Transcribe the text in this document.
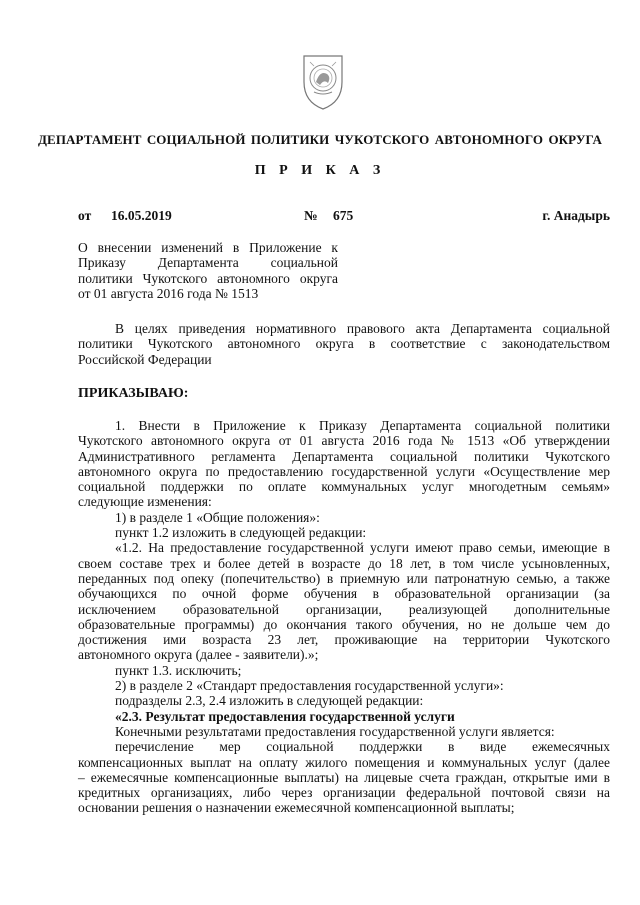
ДЕПАРТАМЕНТ СОЦИАЛЬНОЙ ПОЛИТИКИ ЧУКОТСКОГО АВТОНОМНОГО ОКРУГА
П Р И К А З
от 16.05.2019	№ 675	г. Анадырь
О внесении изменений в Приложение к
Приказу Департамента социальной
политики Чукотского автономного округа
от 01 августа 2016 года № 1513
В целях приведения нормативного правового акта Департамента социальной
политики Чукотского автономного округа в соответствие с законодательством
Российской Федерации
ПРИКАЗЫВАЮ:
1. Внести в Приложение к Приказу Департамента социальной политики
Чукотского автономного округа от 01 августа 2016 года № 1513 «Об утверждении
Административного регламента Департамента социальной политики Чукотского
автономного округа по предоставлению государственной услуги «Осуществление мер
социальной поддержки по оплате коммунальных услуг многодетным семьям»
следующие изменения:
1) в разделе 1 «Общие положения»:
пункт 1.2 изложить в следующей редакции:
«1.2. На предоставление государственной услуги имеют право семьи, имеющие в
своем составе трех и более детей в возрасте до 18 лет, в том числе усыновленных,
переданных под опеку (попечительство) в приемную или патронатную семью, а также
обучающихся по очной форме обучения в образовательной организации (за
исключением образовательной организации, реализующей дополнительные
образовательные программы) до окончания такого обучения, но не дольше чем до
достижения ими возраста 23 лет, проживающие на территории Чукотского
автономного округа (далее - заявители).»;
пункт 1.3. исключить;
2) в разделе 2 «Стандарт предоставления государственной услуги»:
подразделы 2.3, 2.4 изложить в следующей редакции:
«2.3. Результат предоставления государственной услуги
Конечными результатами предоставления государственной услуги является:
перечисление мер социальной поддержки в виде ежемесячных
компенсационных выплат на оплату жилого помещения и коммунальных услуг (далее
– ежемесячные компенсационные выплаты) на лицевые счета граждан, открытые ими в
кредитных организациях, либо через организации федеральной почтовой связи на
основании решения о назначении ежемесячной компенсационной выплаты;
